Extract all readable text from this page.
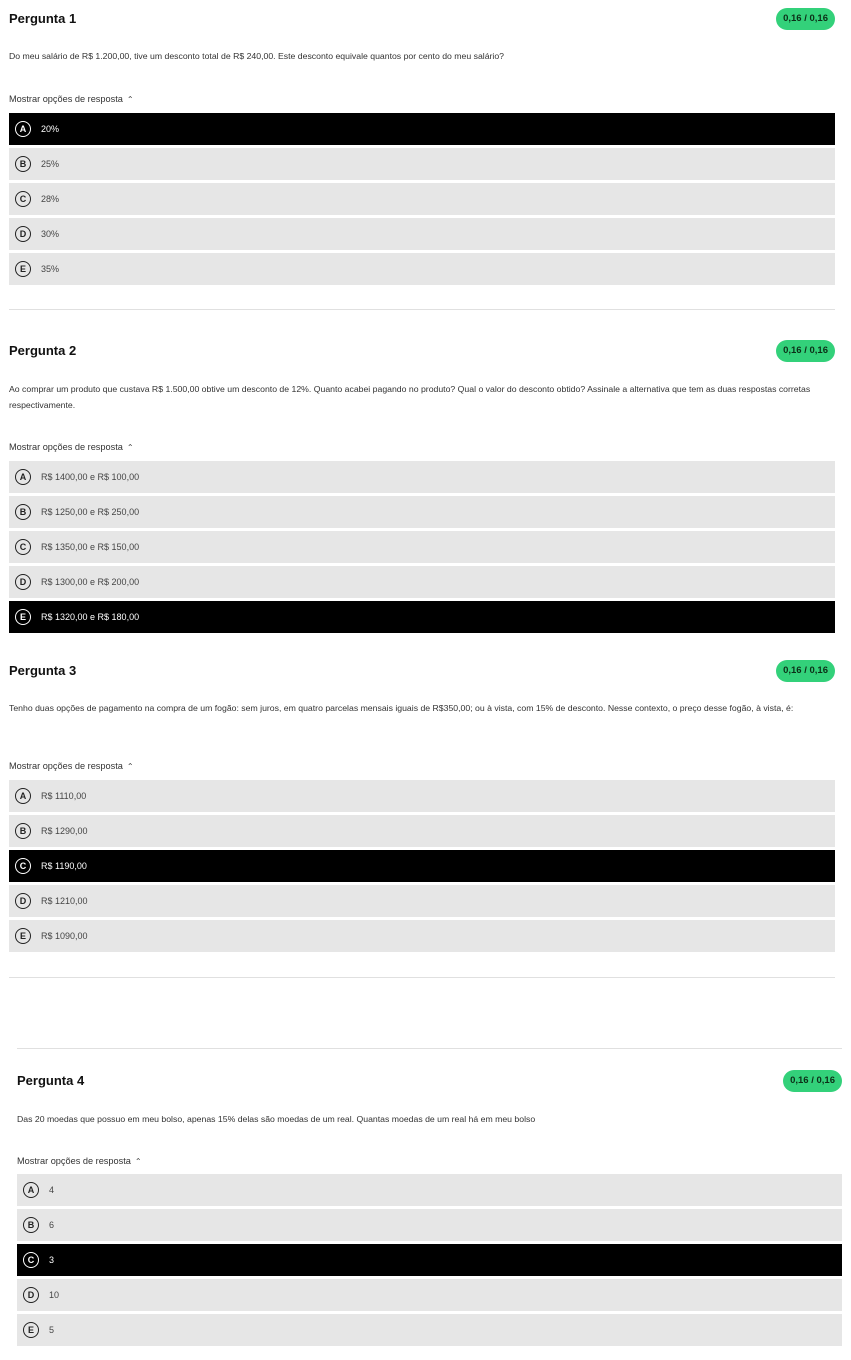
Pergunta 1	0,16 / 0,16
Do meu salário de R$ 1.200,00, tive um desconto total de R$ 240,00. Este desconto equivale quantos por cento do meu salário?
Mostrar opções de resposta ⌃
A	20%
B	25%
C	28%
D	30%
E	35%
Pergunta 2	0,16 / 0,16
Ao comprar um produto que custava R$ 1.500,00 obtive um desconto de 12%. Quanto acabei pagando no produto? Qual o valor do desconto obtido? Assinale a alternativa que tem as duas respostas corretas respectivamente.
Mostrar opções de resposta ⌃
A	R$ 1400,00 e R$ 100,00
B	R$ 1250,00 e R$ 250,00
C	R$ 1350,00 e R$ 150,00
D	R$ 1300,00 e R$ 200,00
E	R$ 1320,00 e R$ 180,00
Pergunta 3	0,16 / 0,16
Tenho duas opções de pagamento na compra de um fogão: sem juros, em quatro parcelas mensais iguais de R$350,00; ou à vista, com 15% de desconto. Nesse contexto, o preço desse fogão, à vista, é:
Mostrar opções de resposta ⌃
A	R$ 1110,00
B	R$ 1290,00
C	R$ 1190,00
D	R$ 1210,00
E	R$ 1090,00
Pergunta 4	0,16 / 0,16
Das 20 moedas que possuo em meu bolso, apenas 15% delas são moedas de um real. Quantas moedas de um real há em meu bolso
Mostrar opções de resposta ⌃
A	4
B	6
C	3
D	10
E	5
